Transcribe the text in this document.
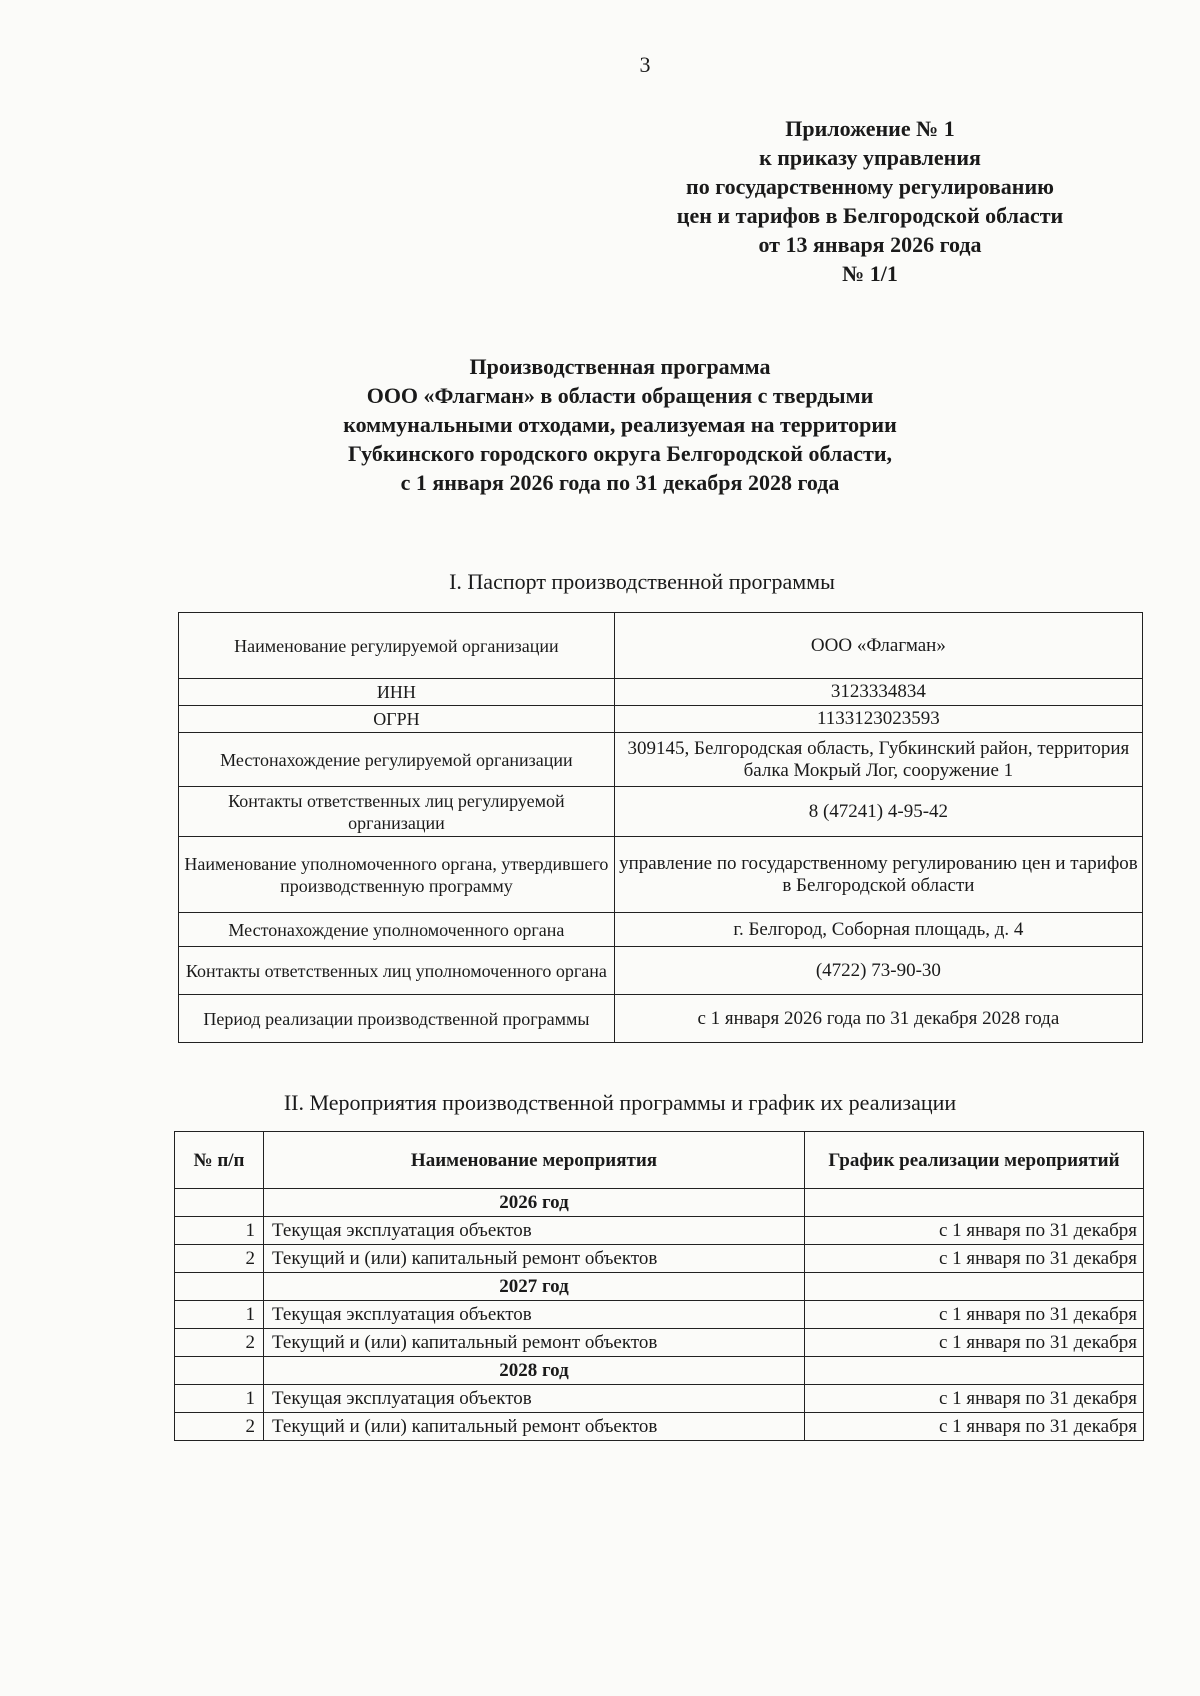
3
Приложение № 1
к приказу управления
по государственному регулированию
цен и тарифов в Белгородской области
от 13 января 2026 года
№ 1/1
Производственная программа
ООО «Флагман» в области обращения с твердыми
коммунальными отходами, реализуемая на территории
Губкинского городского округа Белгородской области,
с 1 января 2026 года по 31 декабря 2028 года
I. Паспорт производственной программы
Наименование регулируемой организации	ООО «Флагман»
ИНН	3123334834
ОГРН	1133123023593
Местонахождение регулируемой организации	309145, Белгородская область, Губкинский район, территория балка Мокрый Лог, сооружение 1
Контакты ответственных лиц регулируемой организации	8 (47241) 4-95-42
Наименование уполномоченного органа, утвердившего производственную программу	управление по государственному регулированию цен и тарифов в Белгородской области
Местонахождение уполномоченного органа	г. Белгород, Соборная площадь, д. 4
Контакты ответственных лиц уполномоченного органа	(4722) 73-90-30
Период реализации производственной программы	с 1 января 2026 года по 31 декабря 2028 года
II. Мероприятия производственной программы и график их реализации
№ п/п	Наименование мероприятия	График реализации мероприятий
	2026 год	
1	Текущая эксплуатация объектов	с 1 января по 31 декабря
2	Текущий и (или) капитальный ремонт объектов	с 1 января по 31 декабря
	2027 год	
1	Текущая эксплуатация объектов	с 1 января по 31 декабря
2	Текущий и (или) капитальный ремонт объектов	с 1 января по 31 декабря
	2028 год	
1	Текущая эксплуатация объектов	с 1 января по 31 декабря
2	Текущий и (или) капитальный ремонт объектов	с 1 января по 31 декабря
